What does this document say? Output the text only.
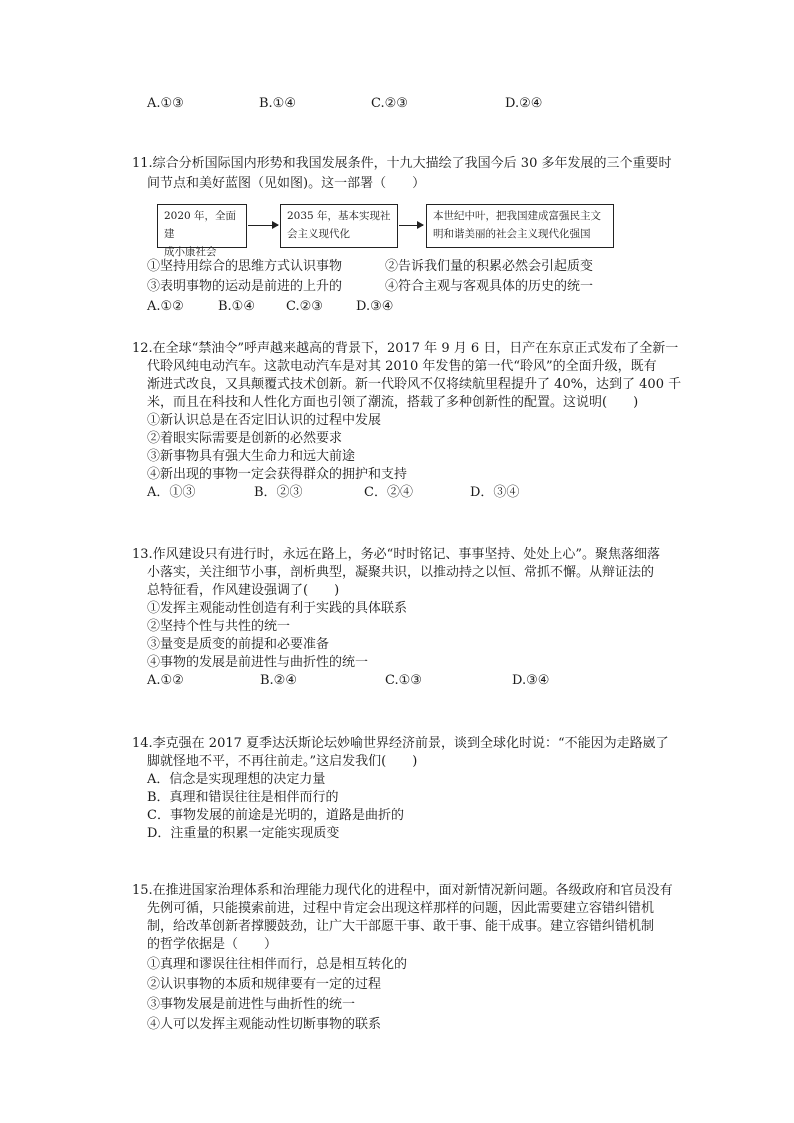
A.①③	B.①④	C.②③	D.②④
11.综合分析国际国内形势和我国发展条件，十九大描绘了我国今后 30 多年发展的三个重要时
间节点和美好蓝图（见如图)。这一部署（　　）
2020 年，全面建
成小康社会
2035 年，基本实现社
会主义现代化
本世纪中叶，把我国建成富强民主文
明和谐美丽的社会主义现代化强国
①坚持用综合的思维方式认识事物	②告诉我们量的积累必然会引起质变
③表明事物的运动是前进的上升的	④符合主观与客观具体的历史的统一
A.①②	B.①④ C.②③	D.③④
12.在全球“禁油令”呼声越来越高的背景下，2017 年 9 月 6 日，日产在东京正式发布了全新一
代聆风纯电动汽车。这款电动汽车是对其 2010 年发售的第一代“聆风”的全面升级，既有
渐进式改良，又具颠覆式技术创新。新一代聆风不仅将续航里程提升了 40%，达到了 400 千
米，而且在科技和人性化方面也引领了潮流，搭载了多种创新性的配置。这说明(　　)
①新认识总是在否定旧认识的过程中发展
②着眼实际需要是创新的必然要求
③新事物具有强大生命力和远大前途
④新出现的事物一定会获得群众的拥护和支持
A．①③	B．②③	C．②④	D．③④
13.作风建设只有进行时，永远在路上，务必“时时铭记、事事坚持、处处上心”。聚焦落细落
小落实，关注细节小事，剖析典型，凝聚共识，以推动持之以恒、常抓不懈。从辩证法的
总特征看，作风建设强调了(　　)
①发挥主观能动性创造有利于实践的具体联系
②坚持个性与共性的统一
③量变是质变的前提和必要准备
④事物的发展是前进性与曲折性的统一
A.①②	B.②④	C.①③	D.③④
14.李克强在 2017 夏季达沃斯论坛妙喻世界经济前景，谈到全球化时说：“不能因为走路崴了
脚就怪地不平，不再往前走。”这启发我们(　　)
A．信念是实现理想的决定力量
B．真理和错误往往是相伴而行的
C．事物发展的前途是光明的，道路是曲折的
D．注重量的积累一定能实现质变
15.在推进国家治理体系和治理能力现代化的进程中，面对新情况新问题。各级政府和官员没有
先例可循，只能摸索前进，过程中肯定会出现这样那样的问题，因此需要建立容错纠错机
制，给改革创新者撑腰鼓劲，让广大干部愿干事、敢干事、能干成事。建立容错纠错机制
的哲学依据是（　　）
①真理和谬误往往相伴而行，总是相互转化的
②认识事物的本质和规律要有一定的过程
③事物发展是前进性与曲折性的统一
④人可以发挥主观能动性切断事物的联系
